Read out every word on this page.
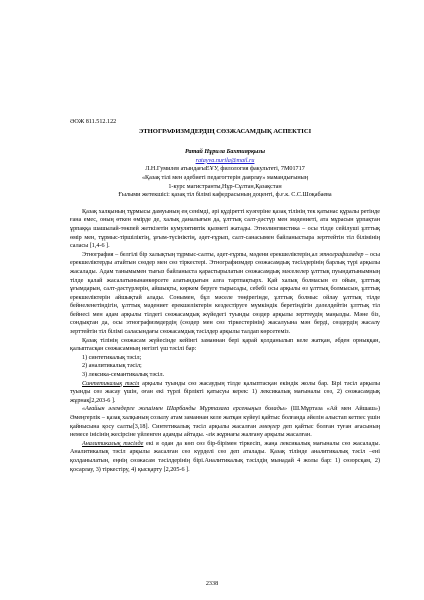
ӘОЖ 811.512.122
ЭТНОГРАФИЗМДЕРДІҢ СӨЗЖАСАМДЫҚ АСПЕКТІСІ

Ратай Нұрила Бахтиярқызы

ratayva.nurila@mail.ru

Л.Н.Гумилев атындағыЕҰУ, филология факультеті, 7М01717

«Қазақ тілі мен әдебиеті педагогтерін даярлау» мамандығының

1-курс магистранты,Нұр-Сұлтан,Қазақстан

Ғылыми жетекшісі: қазақ тіл білімі кафедрасының доценті, ф.ғ.к. С.С.Шоқабаева

Қазақ халқының тұрмысы дамуының ең сенімді, әрі құдіретті куәгеріне қазақ тілінің тек қатынас құралы ретінде ғана емес, оның өткен өмірде де, халық даналығын да, ұлттық салт-дәстүр мен мәдениеті, ата мұрасын ұрпақтан ұрпаққа шашылай-төкпей жеткізетін кумулятивтік қызметі жатады. Этнолингвистика – осы тілде сейілуші ұлттық өмір мен, тұрмыс-тіршіліктің, ұғым-түсініктің, әдет-ғұрып, салт-санасымен байланыстыра зерттейтін тіл білімінің саласы [1,4-6 ].

Этнография – белгілі бір халықтың тұрмыс-салты, әдет-ғұрпы, мәдени ерекшеліктерін,ал этнографизмдер – осы ерекшеліктерды атайтын сөздер мен сөз тіркестері. Этнографизмдер сөзжасамдық тәсілдерінің барлық түрі арқылы жасалады. Адам танымымен тығыз байланыста қарастырылатын сөзжасамдық мәселелер ұлттық пуындатынымның тілде қалай жасалатынынанкөрсете алатындығын алға тартпақтырх. Қай халық болмасын ез ойын, ұлттық ұғымдарын, салт-дәстүрлерін, айшықты, көркем беруге тырысады, себебі осы арқылы өз ұлттық болмысын, ұлттық ерекшеліктерін айшықтай алады. Сонымен, бұл мәселе төңірегінде, ұлттық болмыс ойлау ұлттық тілде бейнеленетіндігін, ұлттық мәдениет ерекшеліктерін кездестіруге мүмкіндік беретіндігін дәлелдейтін ұлттық тіл бейнесі мен адам арқылы тілдегі сөзжасамдық жүйедегі туынды сөздер арқылы зерттеудің маңызды. Мәне біз, сондықтан да, осы этнографизмдердің (сөздер мен сөз тіркестерінің) жасалуына мән берді, сөздердің жасалу зерттейтін тіл білімі саласындағы сөзжасамдық тәсілдер арқылы талдап көрсетеміз.

Қазақ тілінің сөзжасам жүйесінде кейінгі заманнан бері қарай қолданылып келе жатқан, әбден орныққан, қалыптасқан сөзжасамның негізгі үш тәсілі бар:

1) синтетикалық тәсіл;

2) аналитикалық тәсіл;

3) лексика-семантикалық тәсіл.

Синтетикалық тәсіл арқылы туынды сөз жасаудың тілде қалыптасқан екіндік жолы бар. Бірі тәсіл арқылы туынды сөз жасау үшін, оған екі түрлі бірлікті қатысуы керек: 1) лексикалық мағыналы сөз, 2) сөзжасамдық жұрнақ[2,203-6 ].

«Ағайын әлемдерге жешімен Шарбанды Мұртазаға ерсеныңыз болады» (Ш.Мұртаза «Ай мен Айшаш») Әмеңгерлік – қазақ халқының созылу атам заманнан келе жатқан күйеуі қайтыс болғанда әйелін алыстап кетпес үшін қайнысына қосу салты[3,18]. Синтетикалық тәсіл арқылы жасалған әмеңгер деп қайтыс болған туған ағасының немесе інісінің жесірсіне үйленген адамды айтады. -лік жұрнағы жалғану арқылы жасалған.

Аналитикалық тәсілде екі я одан да көп сөз бір-бірімен тіркесіп, жаңа лексикалық мағыналы сөз жасалады. Аналитикалық тәсіл арқылы жасалған сөз күрделі сөз деп аталады. Қазақ тілінде аналитикалық тәсіл –ені қолданылатын, еңнің сөзжасам тәсілдерінің бірі.Аналитикалық тәсілдің мынадай 4 жолы бар: 1) сөзорсқам, 2) қосарлау, 3) тіркестіру, 4) қысқарту [2,205-6 ].

2338
